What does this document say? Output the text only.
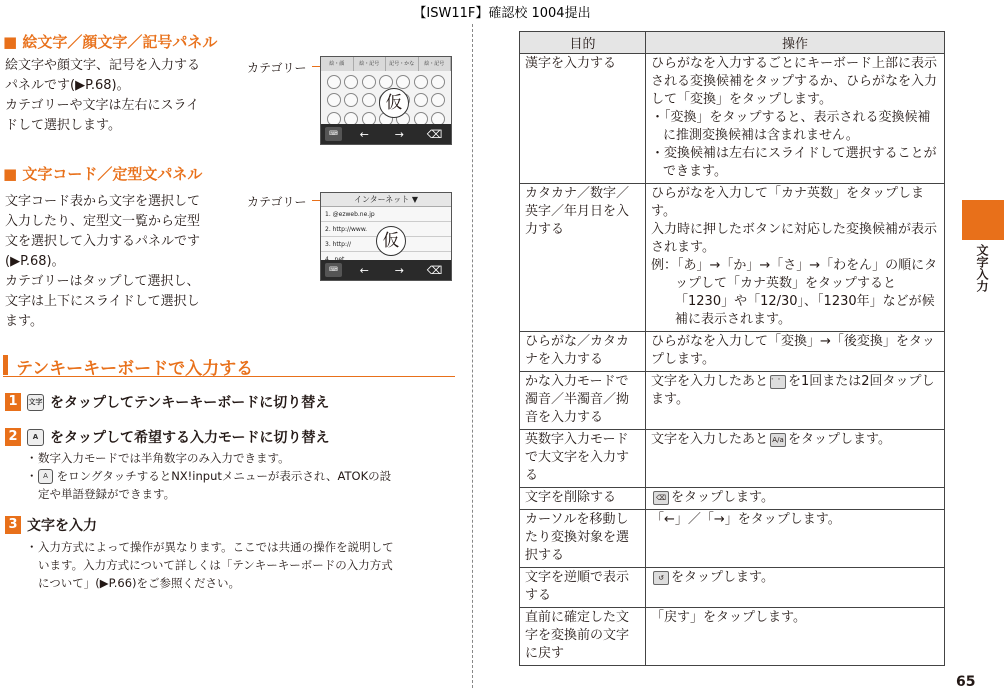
【ISW11F】確認校 1004提出
■ 絵文字／顔文字／記号パネル
絵文字や顔文字、記号を入力する
パネルです(▶P.68)。
カテゴリーや文字は左右にスライ
ドして選択します。
カテゴリー	絵・顔	絵・記号	記号・かな	絵・記号
⌨	←	→	⌫
仮
■ 文字コード／定型文パネル
文字コード表から文字を選択して
入力したり、定型文一覧から定型
文を選択して入力するパネルです
(▶P.68)。
カテゴリーはタップして選択し、
文字は上下にスライドして選択し
ます。
カテゴリー	インターネット ▼
1. @ezweb.ne.jp
2. http://www.
3. http://
⌨	←	→	⌫
仮
テンキーキーボードで入力する
1	文字 をタップしてテンキーキーボードに切り替え
2	A をタップして希望する入力モードに切り替え
・数字入力モードでは半角数字のみ入力できます。
・ A をロングタッチするとNX!inputメニューが表示され、ATOKの設
定や単語登録ができます。
3 文字を入力
・入力方式によって操作が異なります。ここでは共通の操作を説明して
います。入力方式について詳しくは「テンキーキーボードの入力方式
について」(▶P.66)をご参照ください。
目的	操作
漢字を入力する	ひらがなを入力するごとにキーボード上部に表示される変換候補をタップするか、ひらがなを入力して「変換」をタップします。
・「変換」をタップすると、表示される変換候補に推測変換候補は含まれません。
・変換候補は左右にスライドして選択することができます。

カタカナ／数字／英字／年月日を入力する	ひらがなを入力して「カナ英数」をタップします。
入力時に押したボタンに対応した変換候補が表示されます。
例：「あ」→「か」→「さ」→「わをん」の順にタップして「カナ英数」をタップすると「1230」や「12/30」、「1230年」などが候補に表示されます。

ひらがな／カタカナを入力する	ひらがなを入力して「変換」→「後変換」をタップします。
かな入力モードで濁音／半濁音／拗音を入力する	文字を入力したあと ゛゜ を1回または2回タップします。
英数字入力モードで大文字を入力する	文字を入力したあと A/a をタップします。
文字を削除する	⌫ をタップします。
カーソルを移動したり変換対象を選択する	「←」／「→」をタップします。
文字を逆順で表示する	↺ をタップします。
直前に確定した文字を変換前の文字に戻す	「戻す」をタップします。
文字入力
65
